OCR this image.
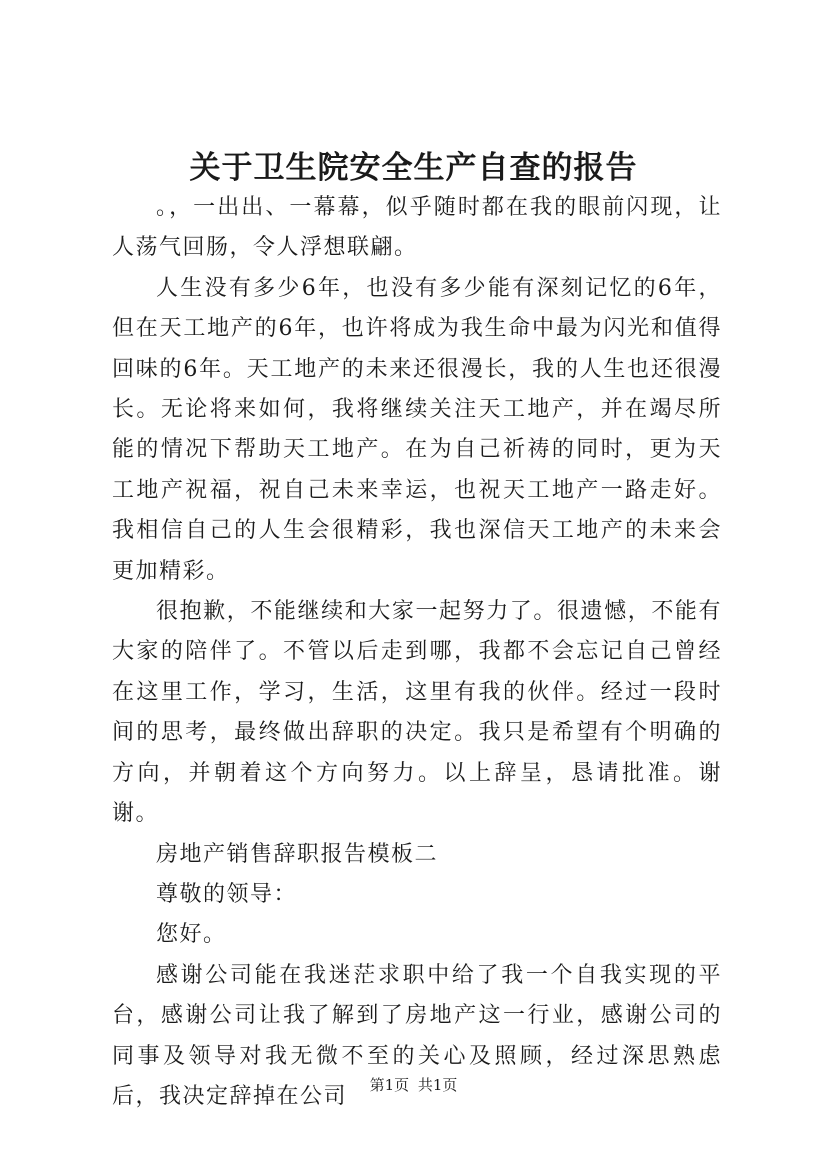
关于卫生院安全生产自查的报告

。，一出出、一幕幕，似乎随时都在我的眼前闪现，让人荡气回肠，令人浮想联翩。

人生没有多少6年，也没有多少能有深刻记忆的6年，但在天工地产的6年，也许将成为我生命中最为闪光和值得回味的6年。天工地产的未来还很漫长，我的人生也还很漫长。无论将来如何，我将继续关注天工地产，并在竭尽所能的情况下帮助天工地产。在为自己祈祷的同时，更为天工地产祝福，祝自己未来幸运，也祝天工地产一路走好。我相信自己的人生会很精彩，我也深信天工地产的未来会更加精彩。

很抱歉，不能继续和大家一起努力了。很遗憾，不能有大家的陪伴了。不管以后走到哪，我都不会忘记自己曾经在这里工作，学习，生活，这里有我的伙伴。经过一段时间的思考，最终做出辞职的决定。我只是希望有个明确的方向，并朝着这个方向努力。以上辞呈，恳请批准。谢谢。

房地产销售辞职报告模板二

尊敬的领导：

您好。

感谢公司能在我迷茫求职中给了我一个自我实现的平台，感谢公司让我了解到了房地产这一行业，感谢公司的同事及领导对我无微不至的关心及照顾，经过深思熟虑后，我决定辞掉在公司	第1页 共1页
